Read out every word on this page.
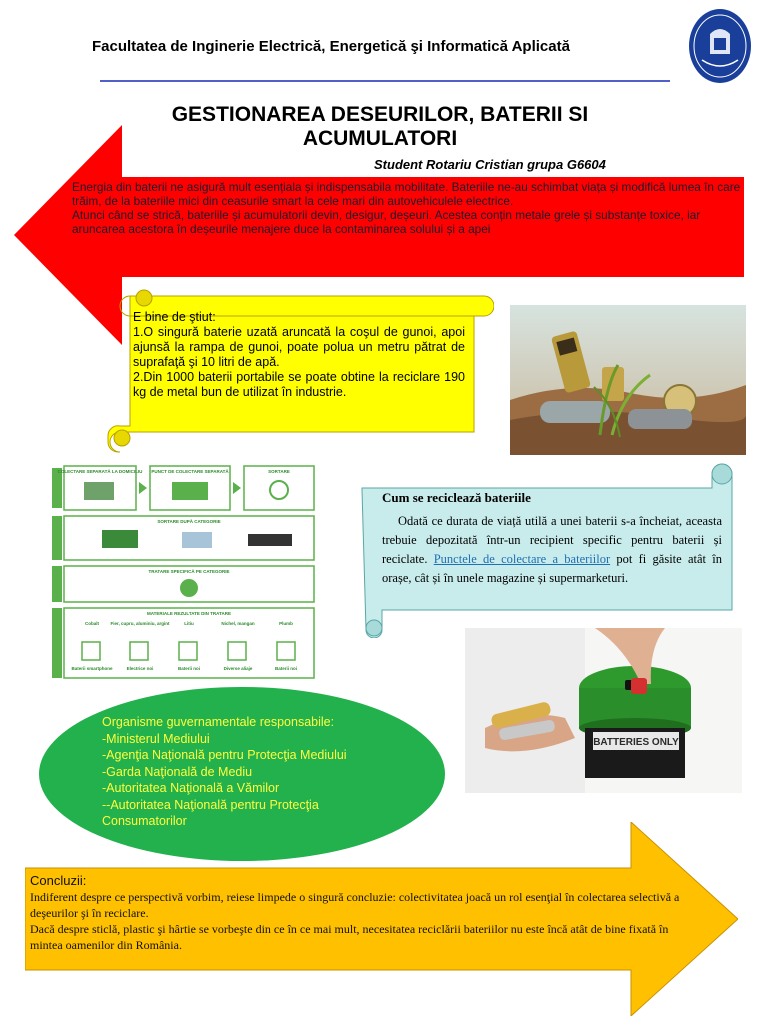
Facultatea de Inginerie Electrică, Energetică şi Informatică Aplicată
GESTIONAREA DESEURILOR, BATERII SI ACUMULATORI
Student Rotariu Cristian grupa G6604
Energia din baterii ne asigură mult esențiala și indispensabila mobilitate. Bateriile ne-au schimbat viața și modifică lumea în care trăim, de la bateriile mici din ceasurile smart la cele mari din autovehiculele electrice.
Atunci când se strică, bateriile și acumulatorii devin, desigur, deșeuri. Acestea conțin metale grele și substanțe toxice, iar aruncarea acestora în deșeurile menajere duce la contaminarea solului și a apei
E bine de ştiut:
1.O singură baterie uzată aruncată la coşul de gunoi, apoi ajunsă la rampa de gunoi, poate polua un metru pătrat de suprafaţă şi 10 litri de apă.
2.Din 1000 baterii portabile se poate obtine la reciclare 190 kg de metal bun de utilizat în industrie.
COLECTARE SEPARATĂ LA DOMICILIU PUNCT DE COLECTARE SEPARATĂ	SORTARE
SORTARE DUPĂ CATEGORIE
TRATARE SPECIFICĂ PE CATEGORIE
MATERIALE REZULTATE DIN TRATARE
Cobalt	Fier, cupru, aluminiu, argint	Litiu	Nichel, mangan	Plumb
Baterii smartphone	Electrice noi	Baterii noi	Diverse aliaje	Baterii noi
Cum se reciclează bateriile
Odată ce durata de viață utilă a unei baterii s-a încheiat, aceasta trebuie depozitată într-un recipient specific pentru baterii și reciclate. Punctele de colectare a bateriilor pot fi găsite atât în orașe, cât și în unele magazine și supermarketuri.
BATTERIES ONLY
Organisme guvernamentale responsabile:
-Ministerul Mediului
-Agenţia Naţională pentru Protecţia Mediului
-Garda Naţională de Mediu
-Autoritatea Naţională a Vămilor
--Autoritatea Naţională pentru Protecţia Consumatorilor
Concluzii:
Indiferent despre ce perspectivă vorbim, reiese limpede o singură concluzie: colectivitatea joacă un rol esenţial în colectarea selectivă a deşeurilor şi în reciclare.
Dacă despre sticlă, plastic şi hârtie se vorbeşte din ce în ce mai mult, necesitatea reciclării bateriilor nu este încă atât de bine fixată în mintea oamenilor din România.
